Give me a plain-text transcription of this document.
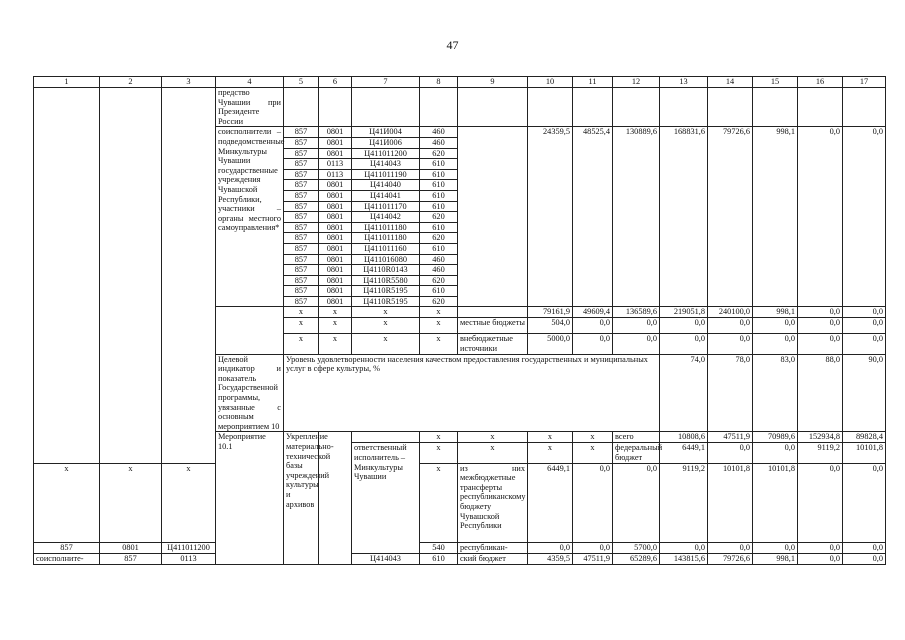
47
1	2	3	4	5	6	7	8	9	10	11	12	13	14	15	16	17	
			предство Чувашии при Президенте России														
			соисполнители – подведомственные Минкультуры Чувашии государственные учреждения Чувашской Республики, участники – органы местного самоуправления*	857	0801	Ц41И004	460		24359,5	48525,4	130889,6	168831,6	79726,6	998,1	0,0	0,0	
				857	0801	Ц41И006	460										
				857	0801	Ц411011200	620										
				857	0113	Ц414043	610										
				857	0113	Ц411011190	610										
				857	0801	Ц414040	610										
				857	0801	Ц414041	610										
				857	0801	Ц411011170	610										
				857	0801	Ц414042	620										
				857	0801	Ц411011180	610										
				857	0801	Ц411011180	620										
				857	0801	Ц411011160	610										
				857	0801	Ц411016080	460										
				857	0801	Ц4110R0143	460										
				857	0801	Ц4110R5580	620										
				857	0801	Ц4110R5195	610										
				857	0801	Ц4110R5195	620										
				х	х	х	х		79161,9	49609,4	136589,6	219051,8	240100,0	998,1	0,0	0,0	
				х	х	х	х	местные бюджеты	504,0	0,0	0,0	0,0	0,0	0,0	0,0	0,0	
				х	х	х	х	внебюджетные источники	5000,0	0,0	0,0	0,0	0,0	0,0	0,0	0,0	
			Целевой индикатор и показатель Государственной программы, увязанные с основным мероприятием 10	Уровень удовлетворенности населения качеством предоставления государственных и муниципальных услуг в сфере культуры, %								74,0	78,0	83,0	88,0	90,0			
			Мероприятие 10.1	Укрепление материально-технической базы учреждений культуры и архивов			х	х	х	х	всего	10808,6	47511,9	70989,6	152934,8	89828,4			
						ответственный исполнитель – Минкультуры Чувашии	х	х	х	х	федеральный бюджет	6449,1	0,0	0,0	9119,2	10101,8			
х	х	х					х	из них межбюджетные трансферты республиканскому бюджету Чувашской Республики	6449,1	0,0	0,0	9119,2	10101,8	10101,8	0,0	0,0	
857	0801	Ц411011200					540	республикан-	0,0	0,0	5700,0	0,0	0,0	0,0	0,0	0,0	
соисполните-	857	0113				Ц414043	610	ский бюджет	4359,5	47511,9	65289,6	143815,6	79726,6	998,1	0,0	0,0	
